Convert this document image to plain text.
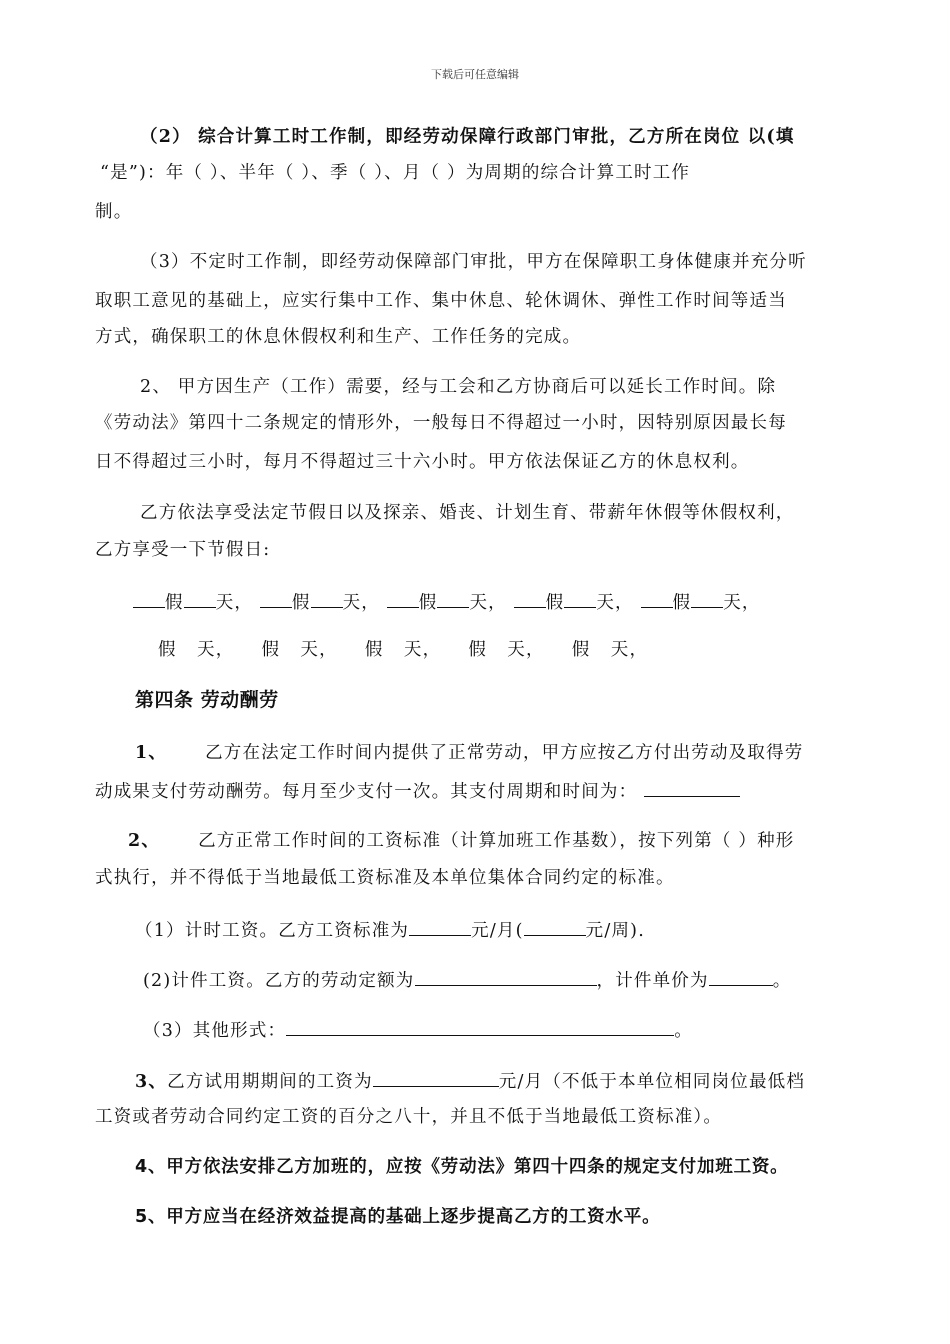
下载后可任意编辑
（2） 综合计算工时工作制，即经劳动保障行政部门审批，乙方所在岗位 以(填
“是”)：年（ ）、半年（ ）、季（ ）、月（ ）为周期的综合计算工时工作
制。
（3）不定时工作制，即经劳动保障部门审批，甲方在保障职工身体健康并充分听
取职工意见的基础上，应实行集中工作、集中休息、轮休调休、弹性工作时间等适当
方式，确保职工的休息休假权利和生产、工作任务的完成。
2、 甲方因生产（工作）需要，经与工会和乙方协商后可以延长工作时间。除
《劳动法》第四十二条规定的情形外，一般每日不得超过一小时，因特别原因最长每
日不得超过三小时，每月不得超过三十六小时。甲方依法保证乙方的休息权利。
乙方依法享受法定节假日以及探亲、婚丧、计划生育、带薪年休假等休假权利，
乙方享受一下节假日:
假 天， 假 天， 假 天， 假 天， 假 天，
假   天，    假   天，    假   天，    假   天，    假   天，
第四条 劳动酬劳
1、 乙方在法定工作时间内提供了正常劳动，甲方应按乙方付出劳动及取得劳
动成果支付劳动酬劳。每月至少支付一次。其支付周期和时间为：
2、 乙方正常工作时间的工资标准（计算加班工作基数），按下列第（ ）种形
式执行，并不得低于当地最低工资标准及本单位集体合同约定的标准。
（1）计时工资。乙方工资标准为	元/月(	元/周).
(2)计件工资。乙方的劳动定额为	，计件单价为	。
（3）其他形式：	。
3、乙方试用期期间的工资为	元/月（不低于本单位相同岗位最低档
工资或者劳动合同约定工资的百分之八十，并且不低于当地最低工资标准）。
4、甲方依法安排乙方加班的，应按《劳动法》第四十四条的规定支付加班工资。
5、甲方应当在经济效益提高的基础上逐步提高乙方的工资水平。
